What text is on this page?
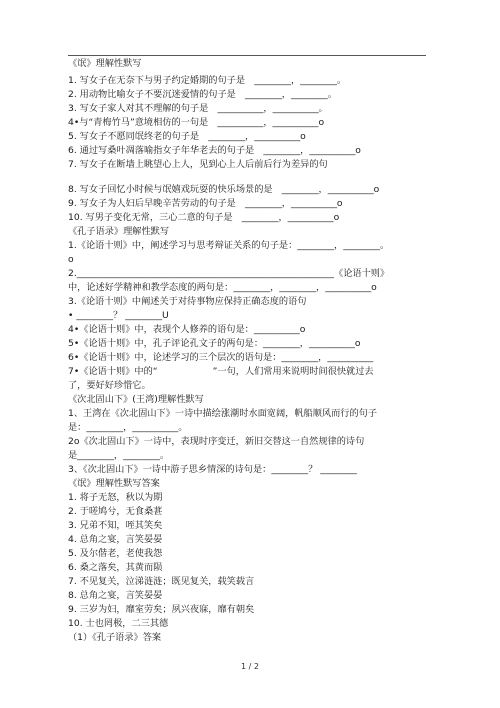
《氓》理解性默写
1. 写女子在无奈下与男子约定婚期的句子是　________，________。
2. 用动物比喻女子不要沉迷爱情的句子是　________，________。
3. 写女子家人对其不理解的句子是　__________，__________。
4•与“青梅竹马”意境相仿的一句是　__________，__________o
5. 写女子不愿同氓终老的句子是　________，__________o
6. 通过写桑叶凋落喻指女子年华老去的句子是　________，__________o
7. 写女子在断墙上眺望心上人，见到心上人后前后行为差异的句
8. 写女子回忆小时候与氓嬉戏玩耍的快乐场景的是　________，__________o
9. 写女子为人妇后早晚辛苦劳动的句子是　________，__________o
10. 写男子变化无常，三心二意的句子是　________，__________o
《孔子语录》理解性默写
1.《论语十则》中，阐述学习与思考辩证关系的句子是：________，________。
o
2.________________________________________________________《论语十则》
中，论述好学精神和教学态度的两句是：________，________，__________o
3.《论语十则》中阐述关于对待事物应保持正确态度的语句
• ________？ ________U
4•《论语十则》中，表现个人修养的语句是：__________o
5•《论语十则》中，孔子评论孔文子的两句是：________，__________o
6•《论语十则》中，论述学习的三个层次的语句是：________，__________
7•《论语十则》中的“　　　　　　”一句，人们常用来说明时间很快就过去
了，要好好珍惜它。
《次北固山下》(王湾)理解性默写
1、王湾在《次北固山下》一诗中描绘涨潮时水面宽阔，帆船顺风而行的句子
是：________，__________。
2o《次北固山下》一诗中，表现时序变迁，新旧交替这一自然规律的诗句
是________，________。
3、《次北固山下》一诗中游子思乡情深的诗句是：________？ ________
《氓》理解性默写答案
1. 将子无怒，秋以为期
2. 于嗟鸠兮，无食桑葚
3. 兄弟不知，咥其笑矣
4. 总角之宴，言笑晏晏
5. 及尔偕老，老使我怨
6. 桑之落矣，其黄而陨
7. 不见复关，泣涕涟涟；既见复关，载笑载言
8. 总角之宴，言笑晏晏
9. 三岁为妇，靡室劳矣；夙兴夜寐，靡有朝矣
10. 士也罔极，二三其德
（1）《孔子语录》答案
1 / 2
